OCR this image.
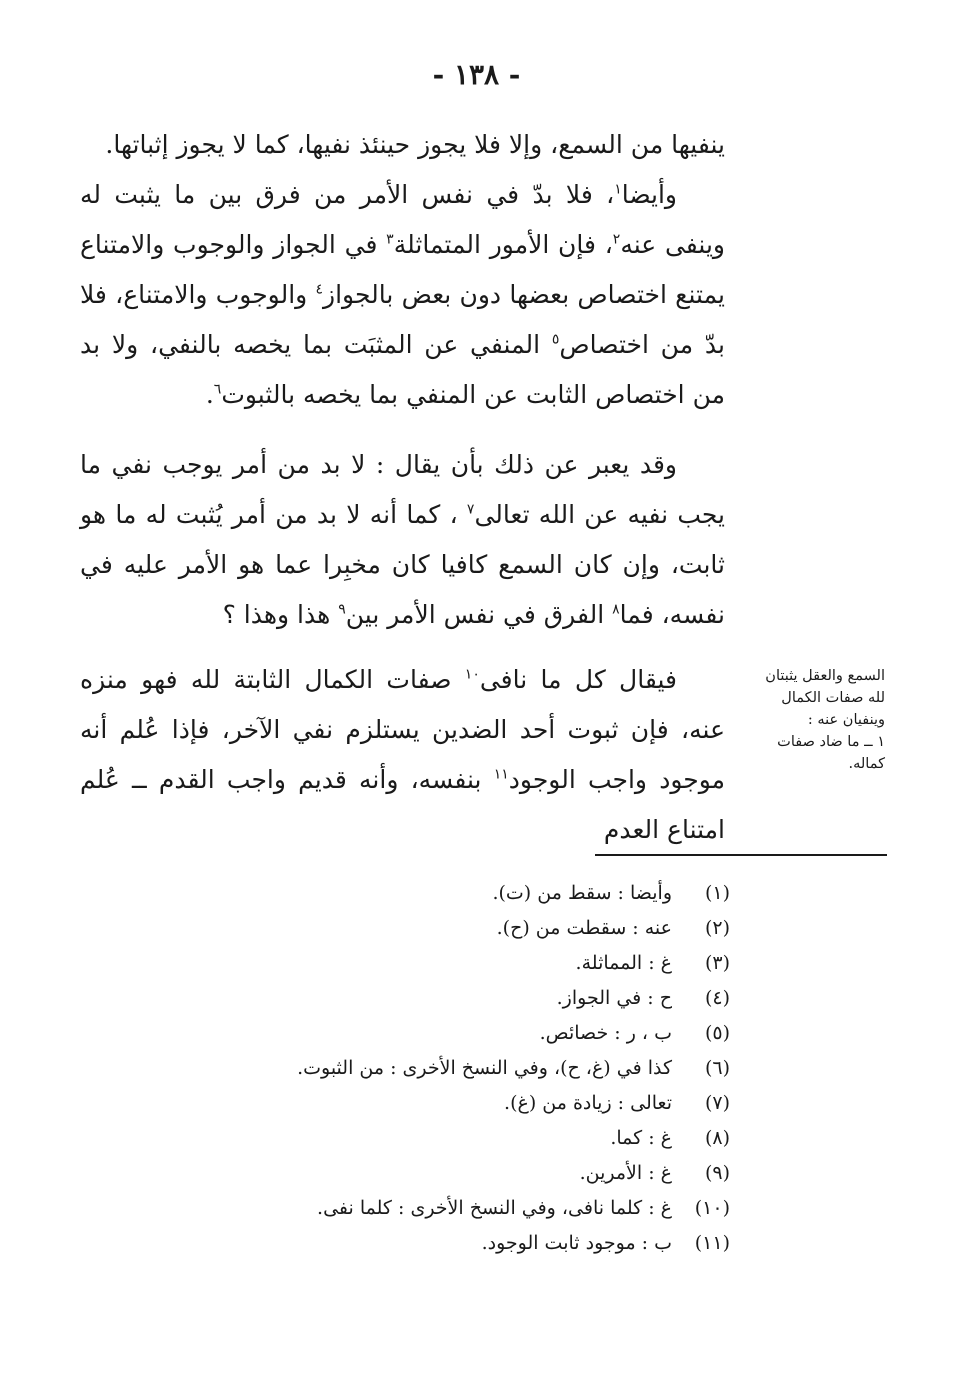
- ١٣٨ -
ينفيها من السمع، وإلا فلا يجوز حينئذ نفيها، كما لا يجوز إثباتها.
وأيضا$^١$، فلا بدّ في نفس الأمر من فرق بين ما يثبت له وينفى عنه$^٢$، فإن الأمور المتماثلة$^٣$ في الجواز والوجوب والامتناع يمتنع اختصاص بعضها دون بعض بالجواز$^٤$ والوجوب والامتناع، فلا بدّ من اختصاص$^٥$ المنفي عن المثبَت بما يخصه بالنفي، ولا بد من اختصاص الثابت عن المنفي بما يخصه بالثبوت$^٦$.
وقد يعبر عن ذلك بأن يقال : لا بد من أمر يوجب نفي ما يجب نفيه عن الله تعالى$^٧$ ، كما أنه لا بد من أمر يُثبت له ما هو ثابت، وإن كان السمع كافيا كان مخبِرا عما هو الأمر عليه في نفسه، فما$^٨$ الفرق في نفس الأمر بين$^٩$ هذا وهذا ؟
فيقال كل ما نافى$^{١٠}$ صفات الكمال الثابتة لله فهو منزه عنه، فإن ثبوت أحد الضدين يستلزم نفي الآخر، فإذا عُلم أنه موجود واجب الوجود$^{١١}$ بنفسه، وأنه قديم واجب القدم ــ عُلم امتناع العدم
السمع والعقل يثبتان
لله صفات الكمال
وينفيان عنه :
١ ــ ما ضاد صفات
كماله.
(١)
وأيضا : سقط من (ت).
(٢)
عنه : سقطت من (ح).
(٣)
غ : المماثلة.
(٤)
ح : في الجواز.
(٥)
ب ، ر : خصائص.
(٦)
كذا في (غ، ح)، وفي النسخ الأخرى : من الثبوت.
(٧)
تعالى : زيادة من (غ).
(٨)
غ : كما.
(٩)
غ : الأمرين.
(١٠)
غ : كلما نافى، وفي النسخ الأخرى : كلما نفى.
(١١)
ب : موجود ثابت الوجود.
